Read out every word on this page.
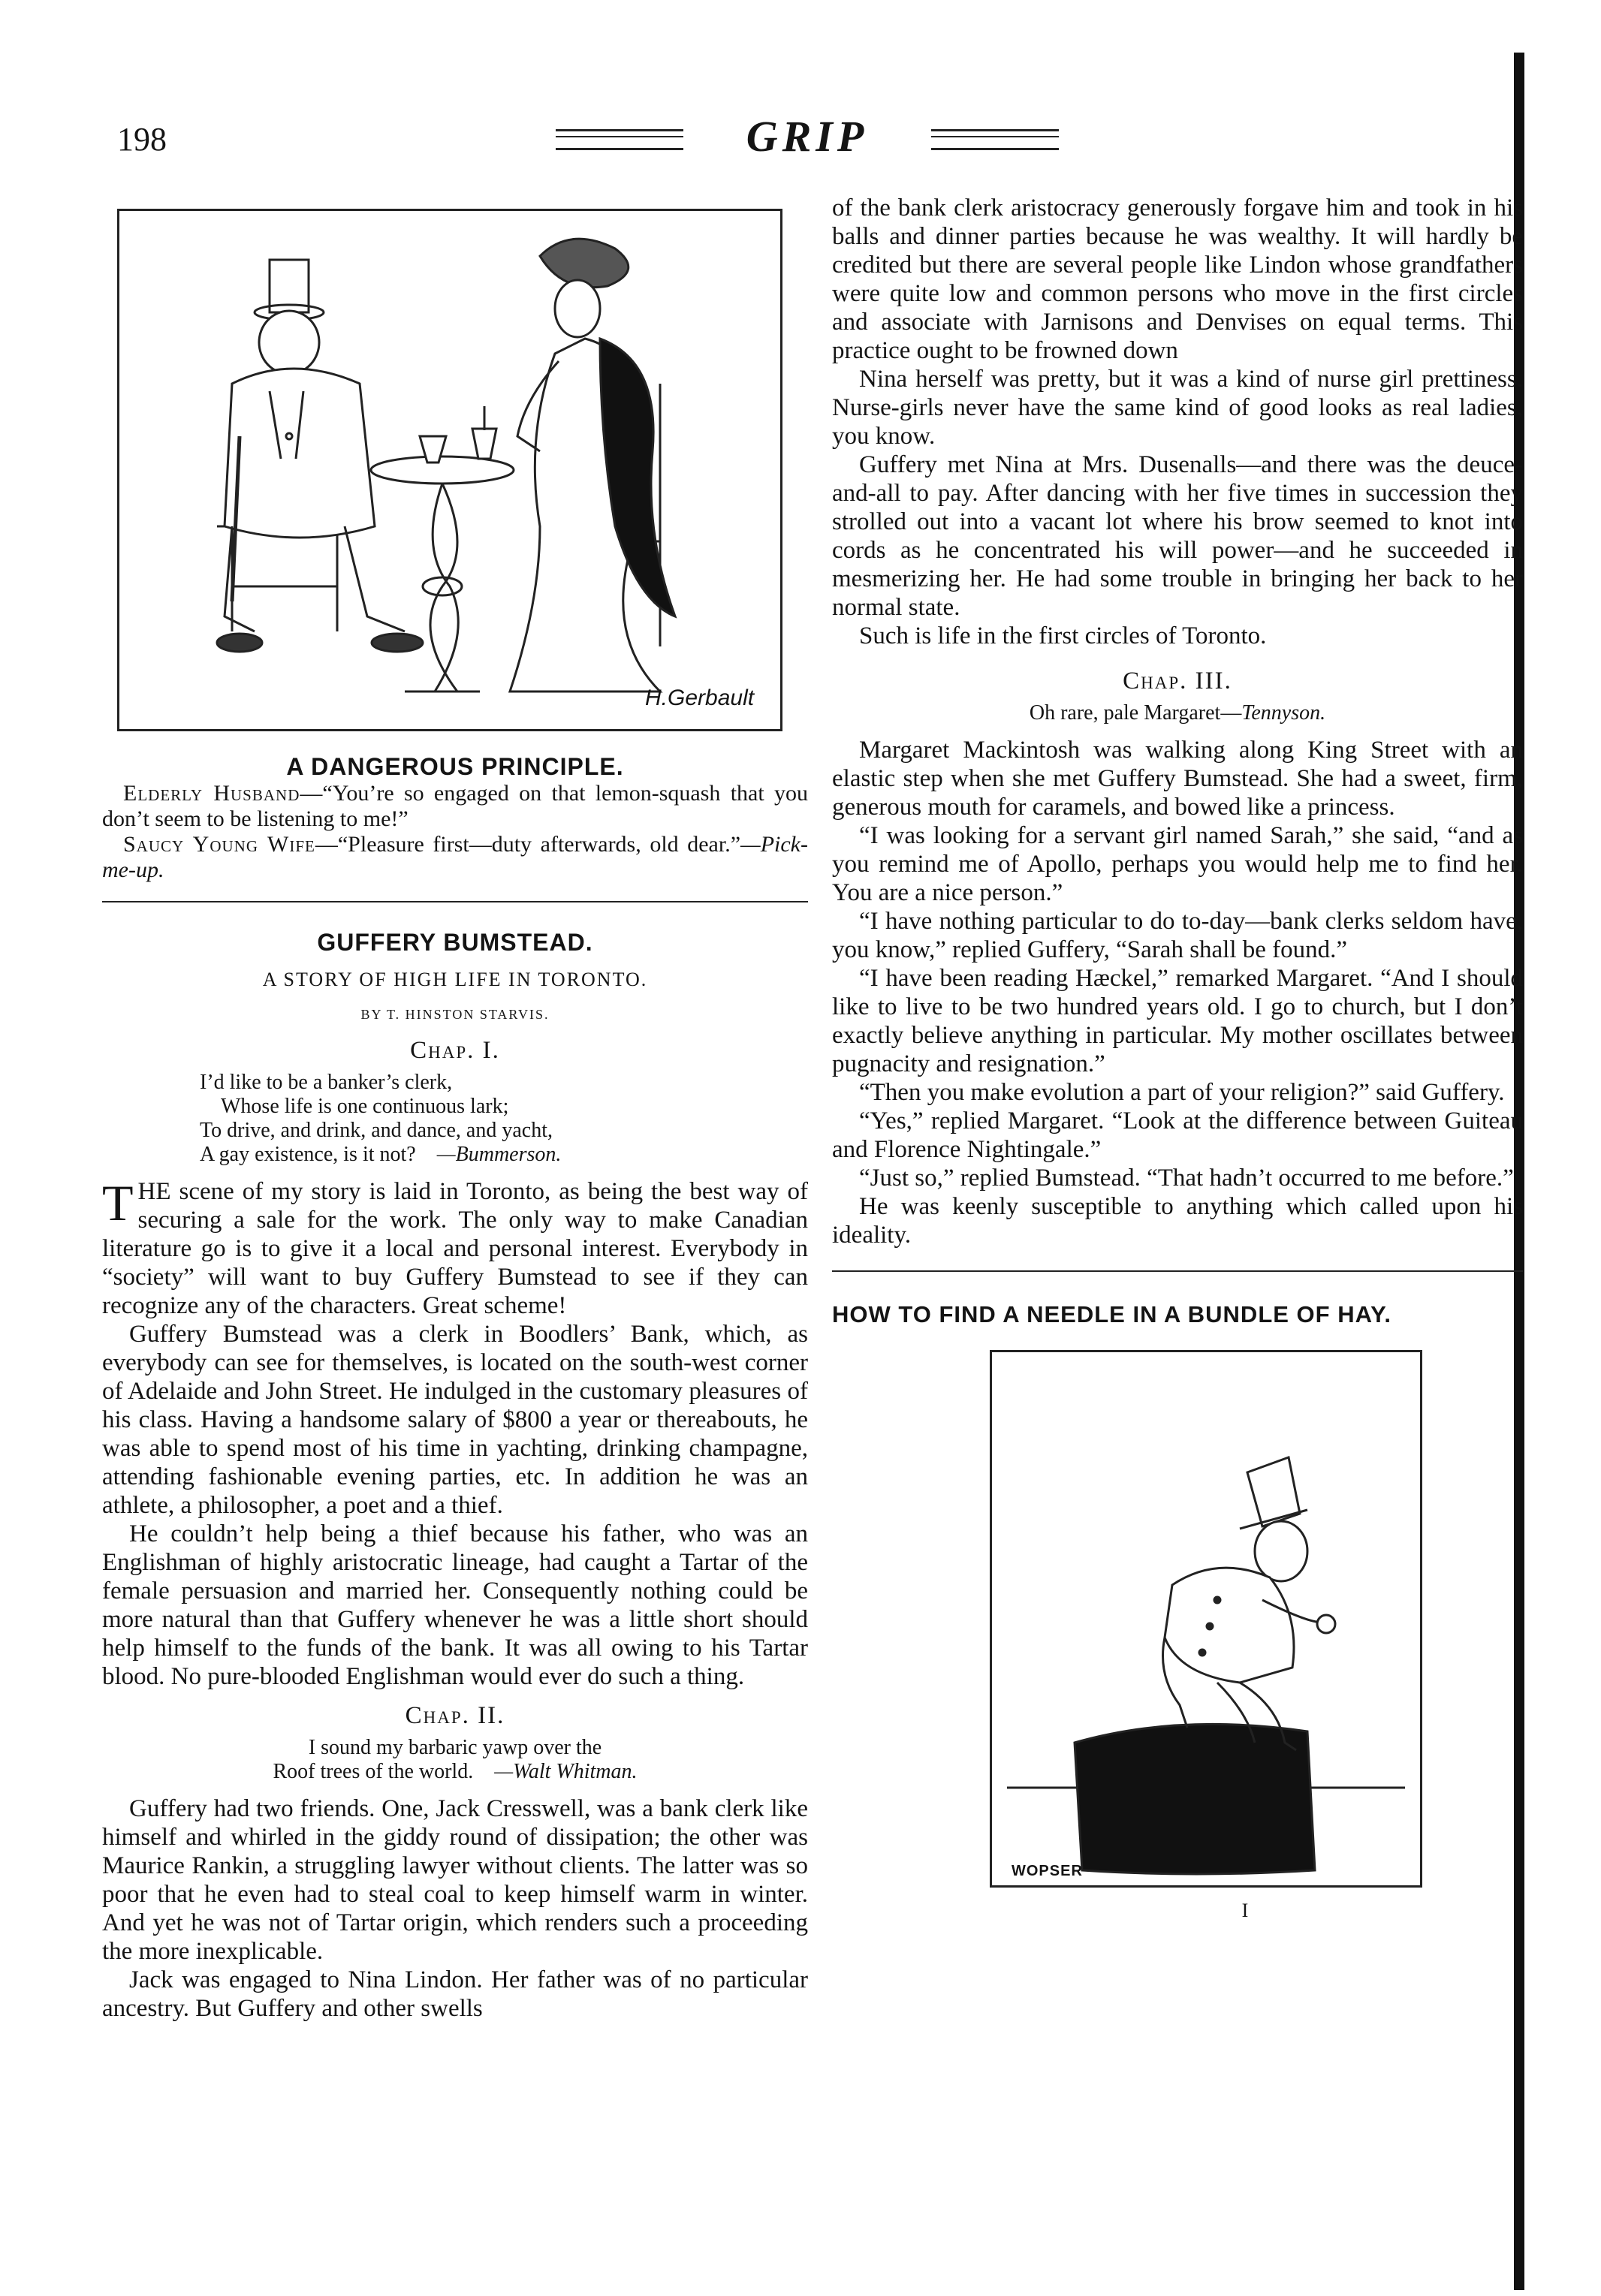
198	GRIP
H.Gerbault
A DANGEROUS PRINCIPLE.

Elderly Husband—“You’re so engaged on that lemon-squash that you don’t seem to be listening to me!”

Saucy Young Wife—“Pleasure first—duty afterwards, old dear.”—Pick-me-up.

GUFFERY BUMSTEAD.
A STORY OF HIGH LIFE IN TORONTO.
BY T. HINSTON STARVIS.
Chap. I.
I’d like to be a banker’s clerk,
Whose life is one continuous lark;
To drive, and drink, and dance, and yacht,
A gay existence, is it not? —Bummerson.

THE scene of my story is laid in Toronto, as being the best way of securing a sale for the work. The only way to make Canadian literature go is to give it a local and personal interest. Everybody in “society” will want to buy Guffery Bumstead to see if they can recognize any of the characters. Great scheme!

Guffery Bumstead was a clerk in Boodlers’ Bank, which, as everybody can see for themselves, is located on the south-west corner of Adelaide and John Street. He indulged in the customary pleasures of his class. Having a handsome salary of $800 a year or thereabouts, he was able to spend most of his time in yachting, drinking champagne, attending fashionable evening parties, etc. In addition he was an athlete, a philosopher, a poet and a thief.

He couldn’t help being a thief because his father, who was an Englishman of highly aristocratic lineage, had caught a Tartar of the female persuasion and married her. Consequently nothing could be more natural than that Guffery whenever he was a little short should help himself to the funds of the bank. It was all owing to his Tartar blood. No pure-blooded Englishman would ever do such a thing.

Chap. II.
I sound my barbaric yawp over the
Roof trees of the world. —Walt Whitman.

Guffery had two friends. One, Jack Cresswell, was a bank clerk like himself and whirled in the giddy round of dissipation; the other was Maurice Rankin, a struggling lawyer without clients. The latter was so poor that he even had to steal coal to keep himself warm in winter. And yet he was not of Tartar origin, which renders such a proceeding the more inexplicable.

Jack was engaged to Nina Lindon. Her father was of no particular ancestry. But Guffery and other swells

of the bank clerk aristocracy generously forgave him and took in his balls and dinner parties because he was wealthy. It will hardly be credited but there are several people like Lindon whose grandfathers were quite low and common persons who move in the first circles and associate with Jarnisons and Denvises on equal terms. This practice ought to be frowned down

Nina herself was pretty, but it was a kind of nurse girl prettiness. Nurse-girls never have the same kind of good looks as real ladies, you know.

Guffery met Nina at Mrs. Dusenalls—and there was the deuce-and-all to pay. After dancing with her five times in succession they strolled out into a vacant lot where his brow seemed to knot into cords as he concentrated his will power—and he succeeded in mesmerizing her. He had some trouble in bringing her back to her normal state.

Such is life in the first circles of Toronto.

Chap. III.
Oh rare, pale Margaret—Tennyson.

Margaret Mackintosh was walking along King Street with an elastic step when she met Guffery Bumstead. She had a sweet, firm, generous mouth for caramels, and bowed like a princess.

“I was looking for a servant girl named Sarah,” she said, “and as you remind me of Apollo, perhaps you would help me to find her. You are a nice person.”

“I have nothing particular to do to-day—bank clerks seldom have, you know,” replied Guffery, “Sarah shall be found.”

“I have been reading Hæckel,” remarked Margaret. “And I should like to live to be two hundred years old. I go to church, but I don’t exactly believe anything in particular. My mother oscillates between pugnacity and resignation.”

“Then you make evolution a part of your religion?” said Guffery.

“Yes,” replied Margaret. “Look at the difference between Guiteau and Florence Nightingale.”

“Just so,” replied Bumstead. “That hadn’t occurred to me before.”

He was keenly susceptible to anything which called upon his ideality.

HOW TO FIND A NEEDLE IN A BUNDLE OF HAY.
WOPSER
I
